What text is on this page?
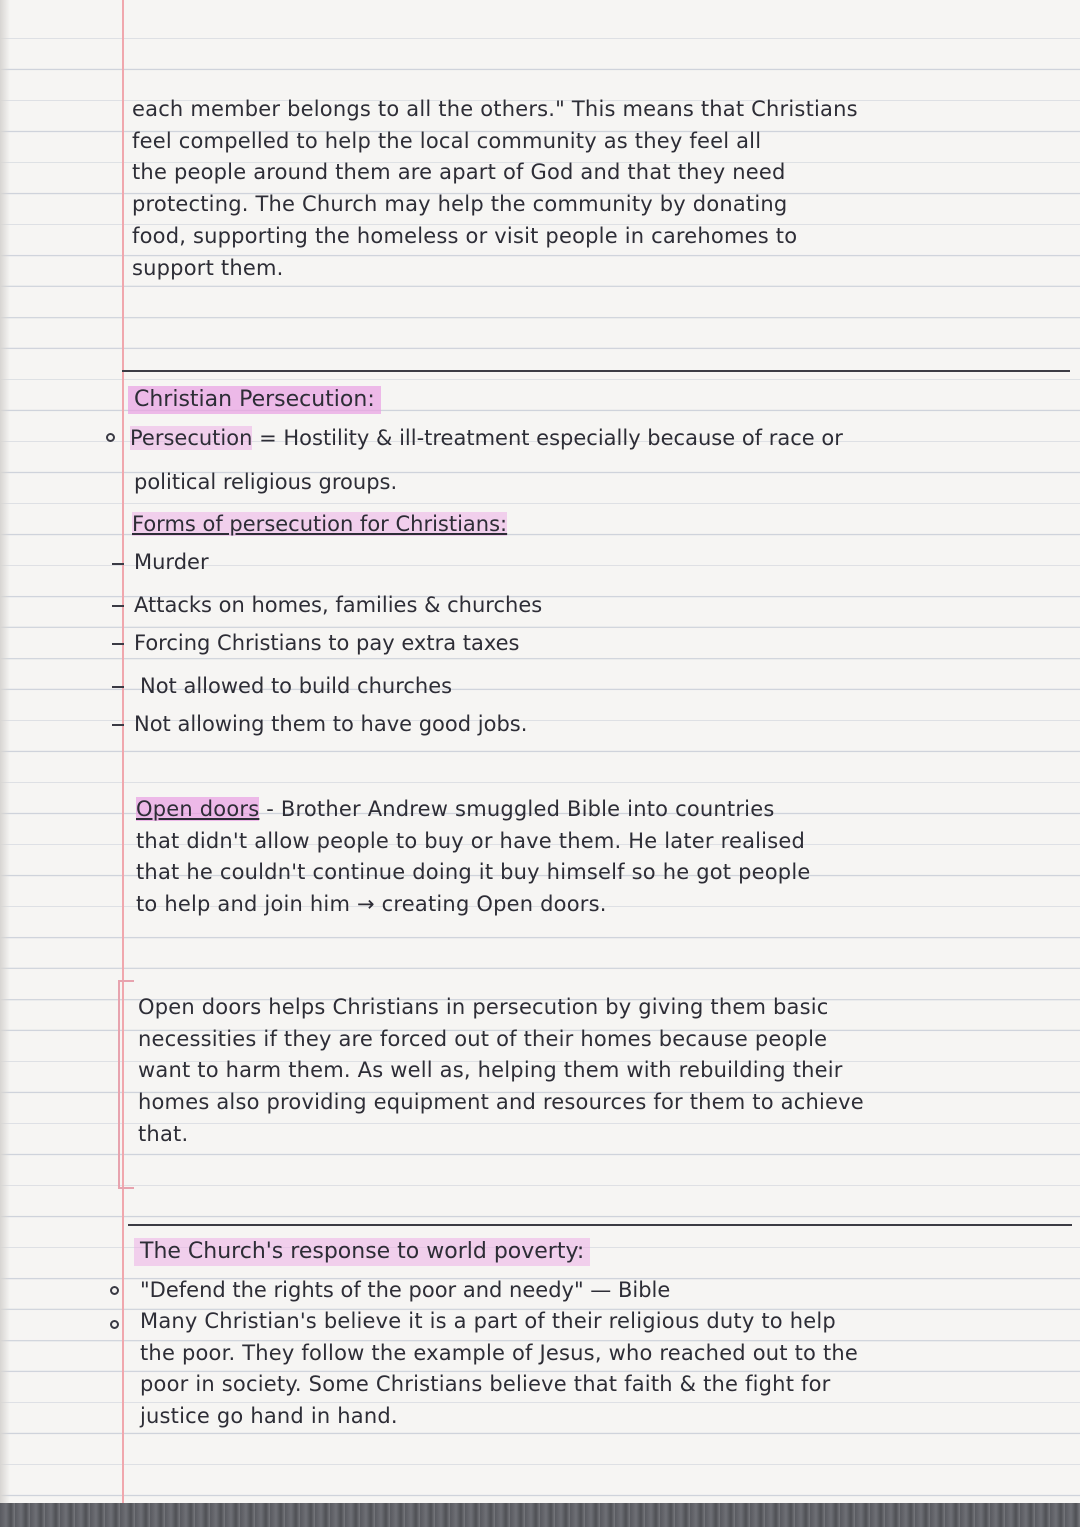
each member belongs to all the others." This means that Christians
feel compelled to help the local community as they feel all
the people around them are apart of God and that they need
protecting. The Church may help the community by donating
food, supporting the homeless or visit people in carehomes to
support them.
Christian Persecution:
Persecution = Hostility & ill-treatment especially because of race or
political religious groups.
Forms of persecution for Christians:
Murder
Attacks on homes, families & churches
Forcing Christians to pay extra taxes
Not allowed to build churches
Not allowing them to have good jobs.
Open doors - Brother Andrew smuggled Bible into countries
that didn't allow people to buy or have them. He later realised
that he couldn't continue doing it buy himself so he got people
to help and join him → creating Open doors.
Open doors helps Christians in persecution by giving them basic
necessities if they are forced out of their homes because people
want to harm them. As well as, helping them with rebuilding their
homes also providing equipment and resources for them to achieve
that.
The Church's response to world poverty:
"Defend the rights of the poor and needy" — Bible
Many Christian's believe it is a part of their religious duty to help
the poor. They follow the example of Jesus, who reached out to the
poor in society. Some Christians believe that faith & the fight for
justice go hand in hand.
